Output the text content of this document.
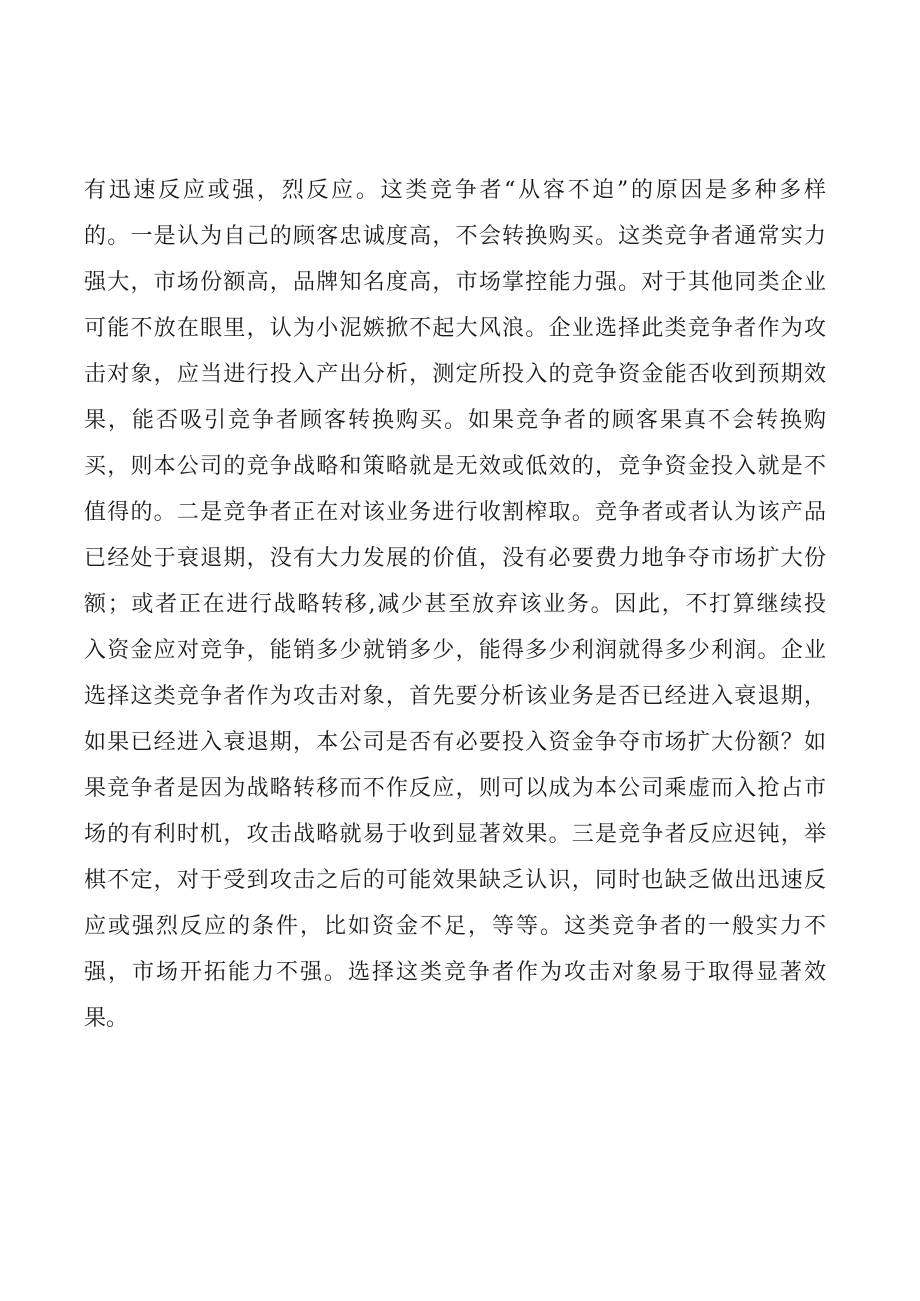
有迅速反应或强，烈反应。这类竞争者“从容不迫”的原因是多种多样
的。一是认为自己的顾客忠诚度高，不会转换购买。这类竞争者通常实力
强大，市场份额高，品牌知名度高，市场掌控能力强。对于其他同类企业
可能不放在眼里，认为小泥嫉掀不起大风浪。企业选择此类竞争者作为攻
击对象，应当进行投入产出分析，测定所投入的竞争资金能否收到预期效
果，能否吸引竞争者顾客转换购买。如果竞争者的顾客果真不会转换购
买，则本公司的竞争战略和策略就是无效或低效的，竞争资金投入就是不
值得的。二是竞争者正在对该业务进行收割榨取。竞争者或者认为该产品
已经处于衰退期，没有大力发展的价值，没有必要费力地争夺市场扩大份
额；或者正在进行战略转移,减少甚至放弃该业务。因此，不打算继续投
入资金应对竞争，能销多少就销多少，能得多少利润就得多少利润。企业
选择这类竞争者作为攻击对象，首先要分析该业务是否已经进入衰退期，
如果已经进入衰退期，本公司是否有必要投入资金争夺市场扩大份额？如
果竞争者是因为战略转移而不作反应，则可以成为本公司乘虚而入抢占市
场的有利时机，攻击战略就易于收到显著效果。三是竞争者反应迟钝，举
棋不定，对于受到攻击之后的可能效果缺乏认识，同时也缺乏做出迅速反
应或强烈反应的条件，比如资金不足，等等。这类竞争者的一般实力不
强，市场开拓能力不强。选择这类竞争者作为攻击对象易于取得显著效
果。
